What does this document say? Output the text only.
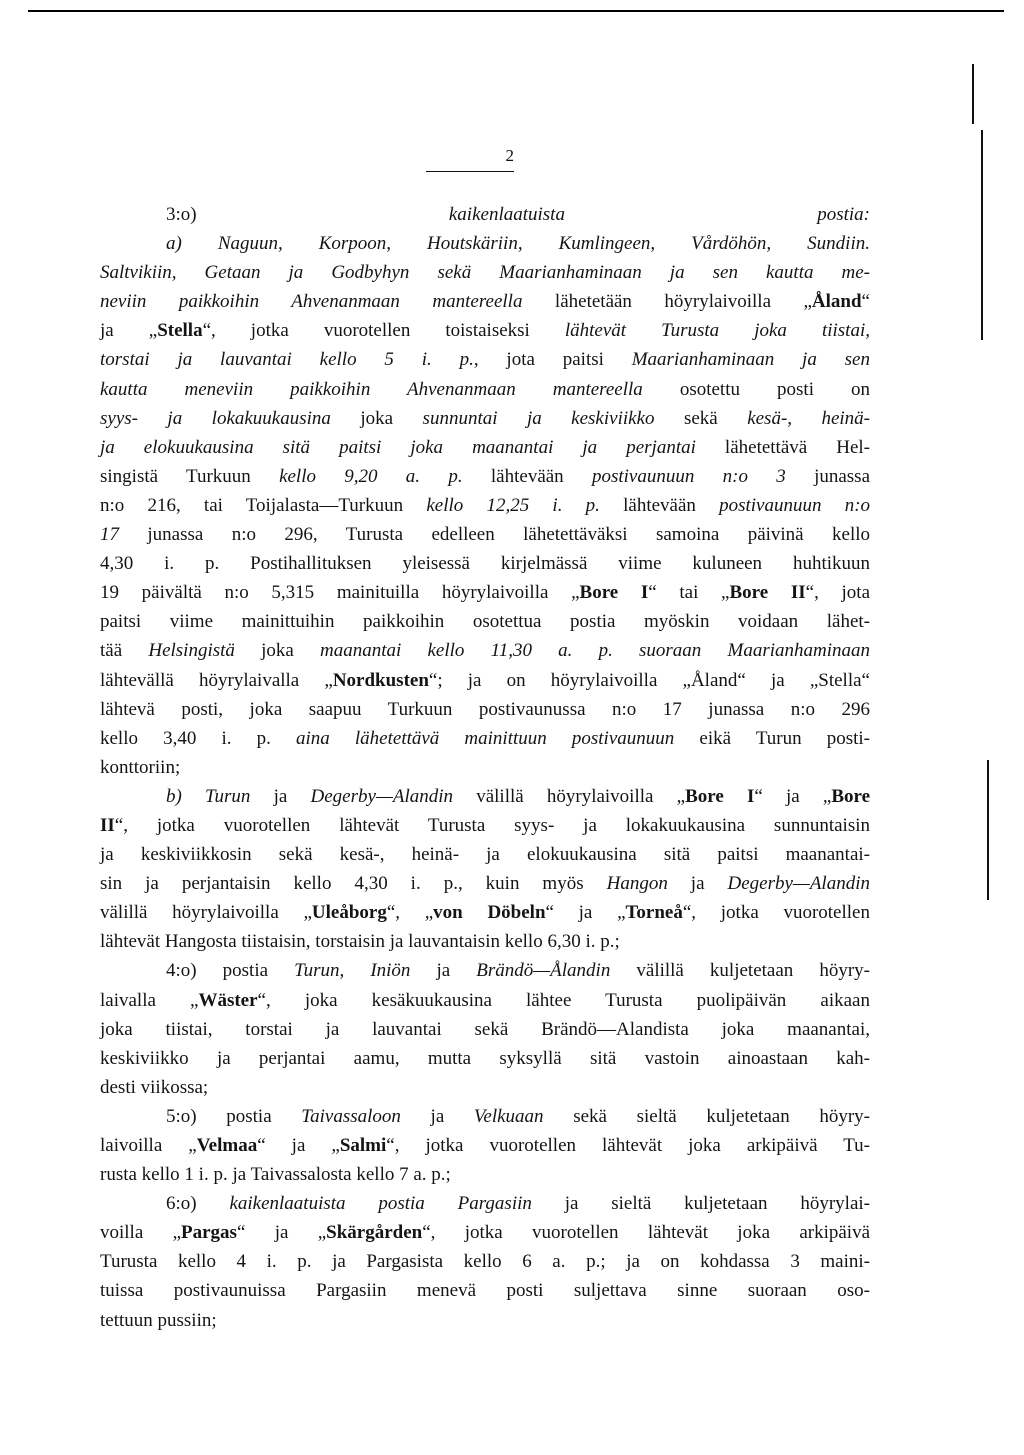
2
3:o) kaikenlaatuista postia:
a) Naguun, Korpoon, Houtskäriin, Kumlingeen, Vårdöhön, Sundiin.
Saltvikiin, Getaan ja Godbyhyn sekä Maarianhaminaan ja sen kautta me-
neviin paikkoihin Ahvenanmaan mantereella lähetetään höyrylaivoilla „Åland“
ja „Stella“, jotka vuorotellen toistaiseksi lähtevät Turusta joka tiistai,
torstai ja lauvantai kello 5 i. p., jota paitsi Maarianhaminaan ja sen
kautta meneviin paikkoihin Ahvenanmaan mantereella osotettu posti on
syys- ja lokakuukausina joka sunnuntai ja keskiviikko sekä kesä-, heinä-
ja elokuukausina sitä paitsi joka maanantai ja perjantai lähetettävä Hel-
singistä Turkuun kello 9,20 a. p. lähtevään postivaunuun n:o 3 junassa
n:o 216, tai Toijalasta—Turkuun kello 12,25 i. p. lähtevään postivaunuun n:o
17 junassa n:o 296, Turusta edelleen lähetettäväksi samoina päivinä kello
4,30 i. p. Postihallituksen yleisessä kirjelmässä viime kuluneen huhtikuun
19 päivältä n:o 5,315 mainituilla höyrylaivoilla „Bore I“ tai „Bore II“, jota
paitsi viime mainittuihin paikkoihin osotettua postia myöskin voidaan lähet-
tää Helsingistä joka maanantai kello 11,30 a. p. suoraan Maarianhaminaan
lähtevällä höyrylaivalla „Nordkusten“; ja on höyrylaivoilla „Åland“ ja „Stella“
lähtevä posti, joka saapuu Turkuun postivaunussa n:o 17 junassa n:o 296
kello 3,40 i. p. aina lähetettävä mainittuun postivaunuun eikä Turun posti-
konttoriin;
b) Turun ja Degerby—Alandin välillä höyrylaivoilla „Bore I“ ja „Bore
II“, jotka vuorotellen lähtevät Turusta syys- ja lokakuukausina sunnuntaisin
ja keskiviikkosin sekä kesä-, heinä- ja elokuukausina sitä paitsi maanantai-
sin ja perjantaisin kello 4,30 i. p., kuin myös Hangon ja Degerby—Alandin
välillä höyrylaivoilla „Uleåborg“, „von Döbeln“ ja „Torneå“, jotka vuorotellen
lähtevät Hangosta tiistaisin, torstaisin ja lauvantaisin kello 6,30 i. p.;
4:o) postia Turun, Iniön ja Brändö—Ålandin välillä kuljetetaan höyry-
laivalla „Wäster“, joka kesäkuukausina lähtee Turusta puolipäivän aikaan
joka tiistai, torstai ja lauvantai sekä Brändö—Alandista joka maanantai,
keskiviikko ja perjantai aamu, mutta syksyllä sitä vastoin ainoastaan kah-
desti viikossa;
5:o) postia Taivassaloon ja Velkuaan sekä sieltä kuljetetaan höyry-
laivoilla „Velmaa“ ja „Salmi“, jotka vuorotellen lähtevät joka arkipäivä Tu-
rusta kello 1 i. p. ja Taivassalosta kello 7 a. p.;
6:o) kaikenlaatuista postia Pargasiin ja sieltä kuljetetaan höyrylai-
voilla „Pargas“ ja „Skärgården“, jotka vuorotellen lähtevät joka arkipäivä
Turusta kello 4 i. p. ja Pargasista kello 6 a. p.; ja on kohdassa 3 maini-
tuissa postivaunuissa Pargasiin menevä posti suljettava sinne suoraan oso-
tettuun pussiin;
